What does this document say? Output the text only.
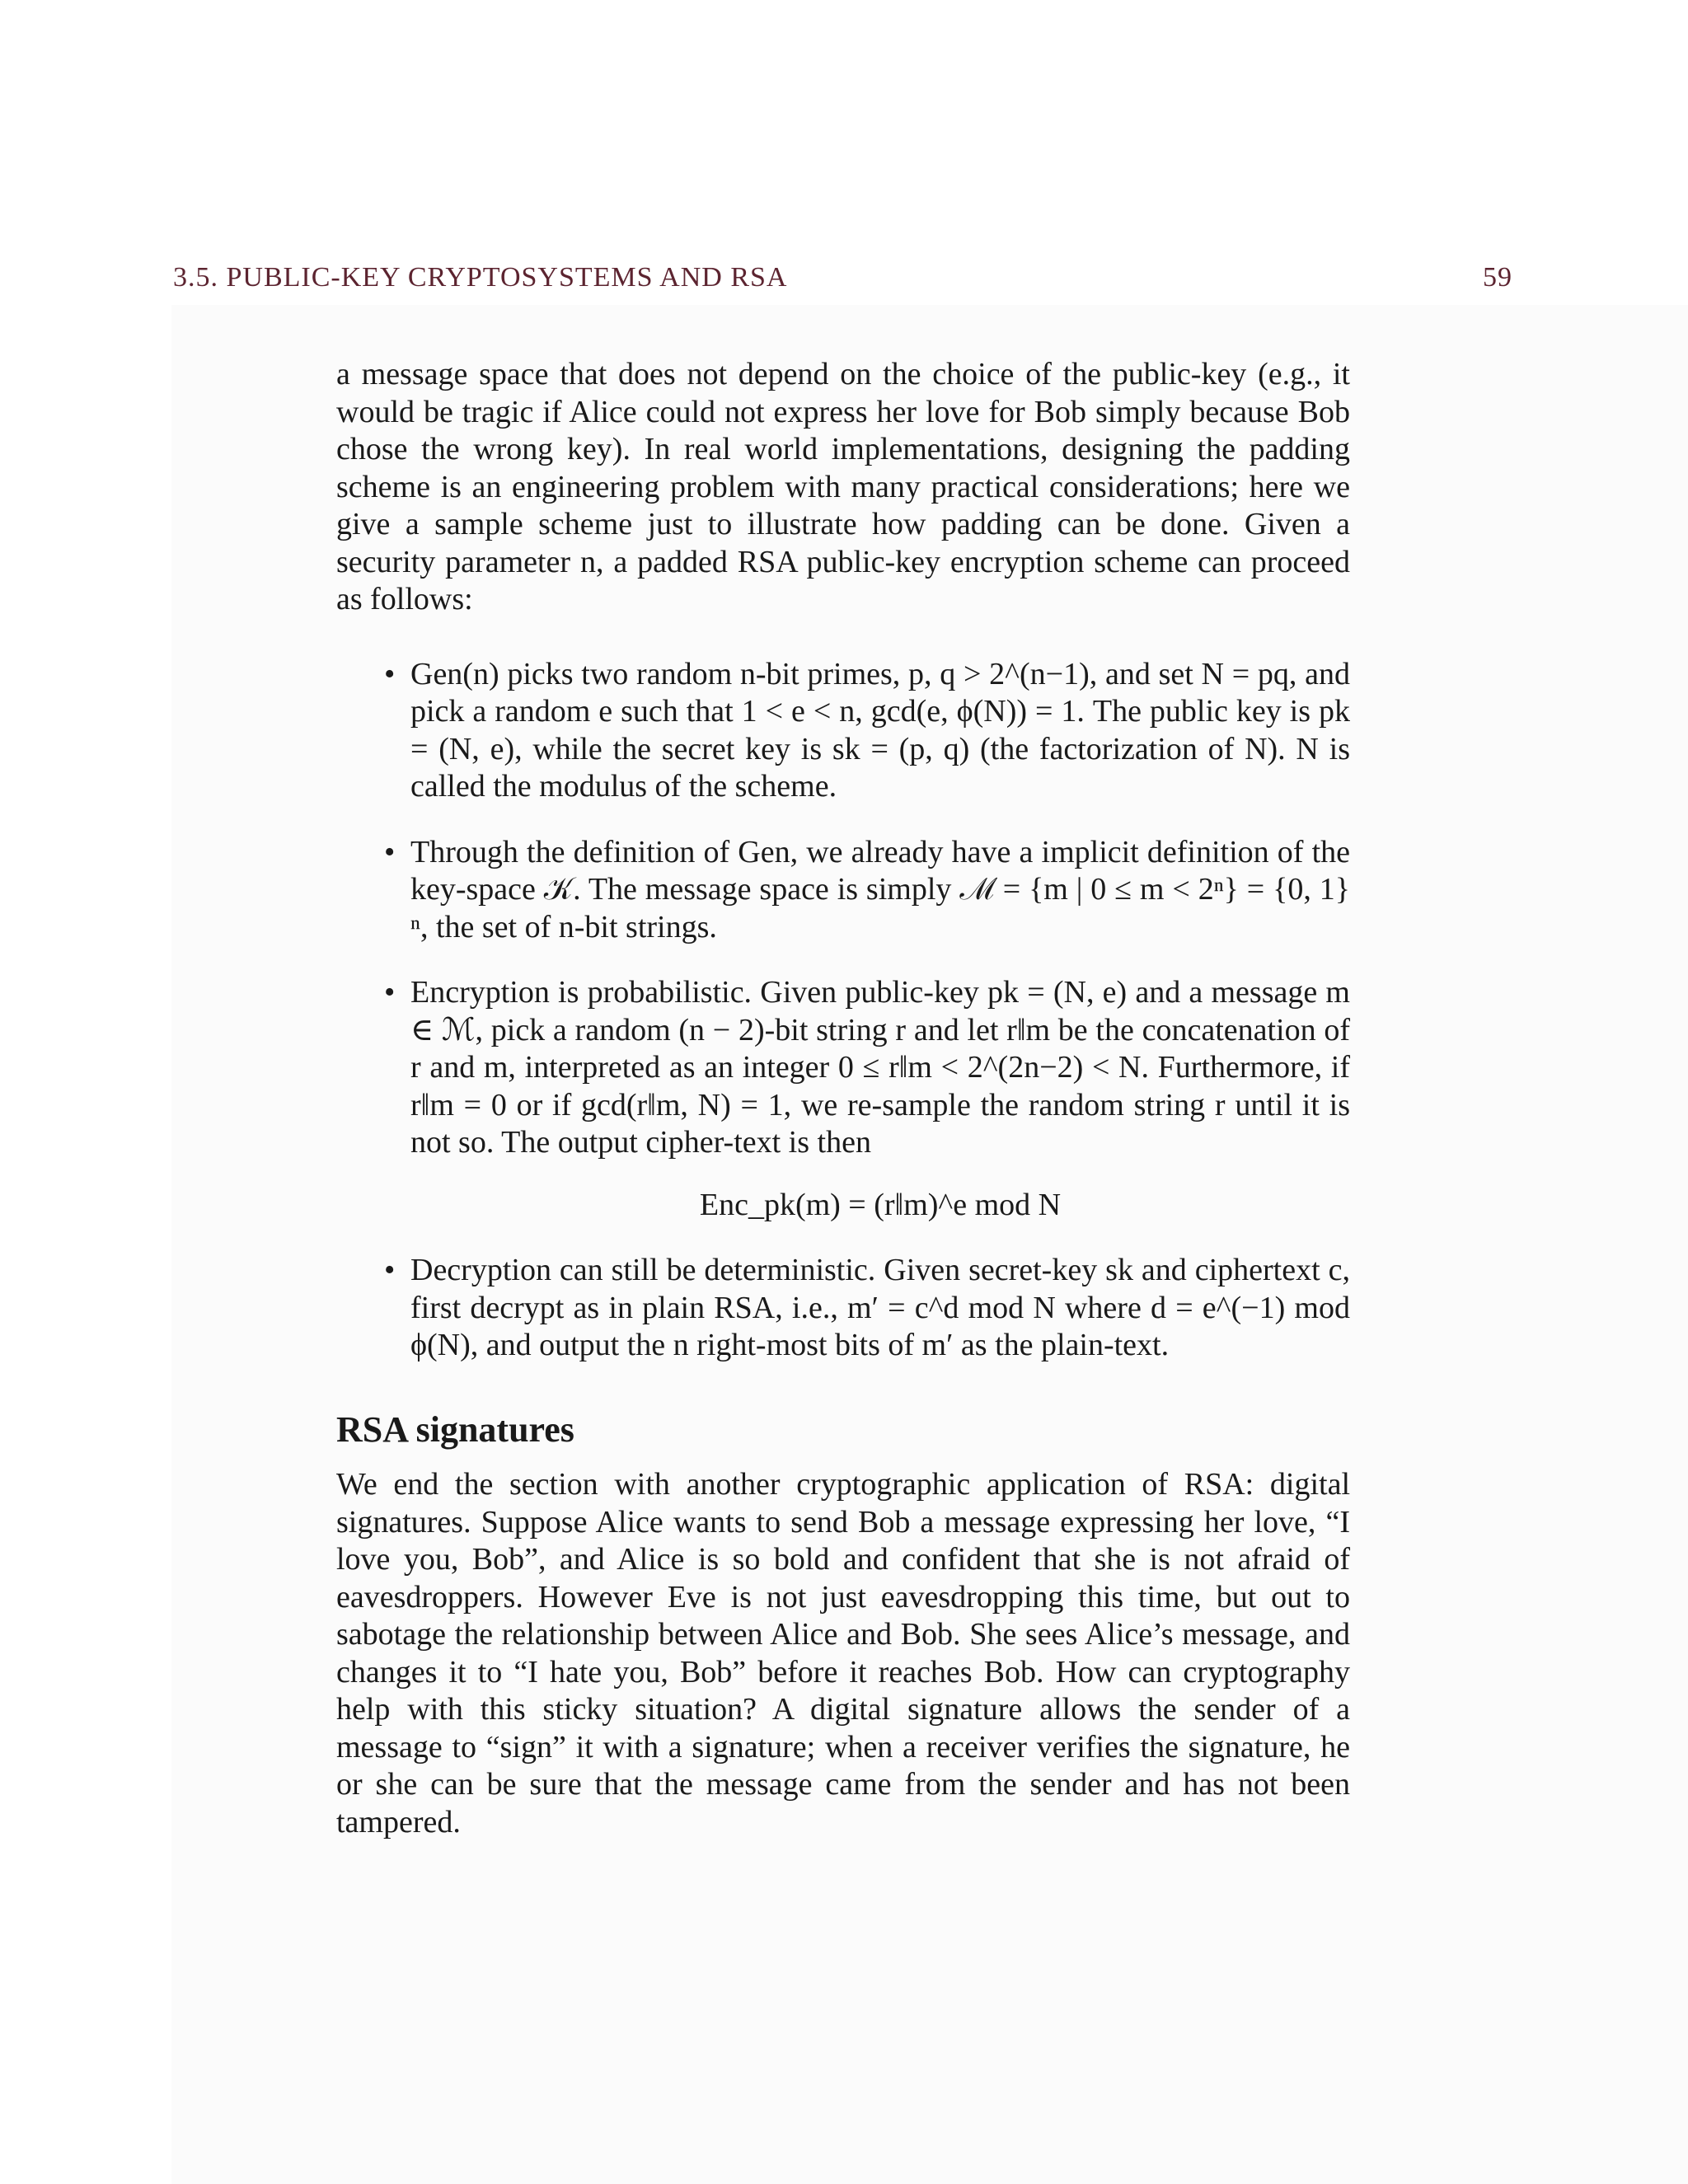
3.5. PUBLIC-KEY CRYPTOSYSTEMS AND RSA	59

a message space that does not depend on the choice of the public-key (e.g., it would be tragic if Alice could not express her love for Bob simply because Bob chose the wrong key). In real world implementations, designing the padding scheme is an engineering problem with many practical considerations; here we give a sample scheme just to illustrate how padding can be done. Given a security parameter n, a padded RSA public-key encryption scheme can proceed as follows:

• Gen(n) picks two random n-bit primes, p, q > 2^(n−1), and set N = pq, and pick a random e such that 1 < e < n, gcd(e, ϕ(N)) = 1. The public key is pk = (N, e), while the secret key is sk = (p, q) (the factorization of N). N is called the modulus of the scheme.
• Through the definition of Gen, we already have a implicit definition of the key-space 𝒦. The message space is simply ℳ = {m | 0 ≤ m < 2ⁿ} = {0, 1}ⁿ, the set of n-bit strings.
• Encryption is probabilistic. Given public-key pk = (N, e) and a message m ∈ ℳ, pick a random (n − 2)-bit string r and let r‖m be the concatenation of r and m, interpreted as an integer 0 ≤ r‖m < 2^(2n−2) < N. Furthermore, if r‖m = 0 or if gcd(r‖m, N) = 1, we re-sample the random string r until it is not so. The output cipher-text is then
Enc_pk(m) = (r‖m)^e mod N
• Decryption can still be deterministic. Given secret-key sk and ciphertext c, first decrypt as in plain RSA, i.e., m′ = c^d mod N where d = e^(−1) mod ϕ(N), and output the n right-most bits of m′ as the plain-text.
RSA signatures

We end the section with another cryptographic application of RSA: digital signatures. Suppose Alice wants to send Bob a message expressing her love, “I love you, Bob”, and Alice is so bold and confident that she is not afraid of eavesdroppers. However Eve is not just eavesdropping this time, but out to sabotage the relationship between Alice and Bob. She sees Alice’s message, and changes it to “I hate you, Bob” before it reaches Bob. How can cryptography help with this sticky situation? A digital signature allows the sender of a message to “sign” it with a signature; when a receiver verifies the signature, he or she can be sure that the message came from the sender and has not been tampered.
